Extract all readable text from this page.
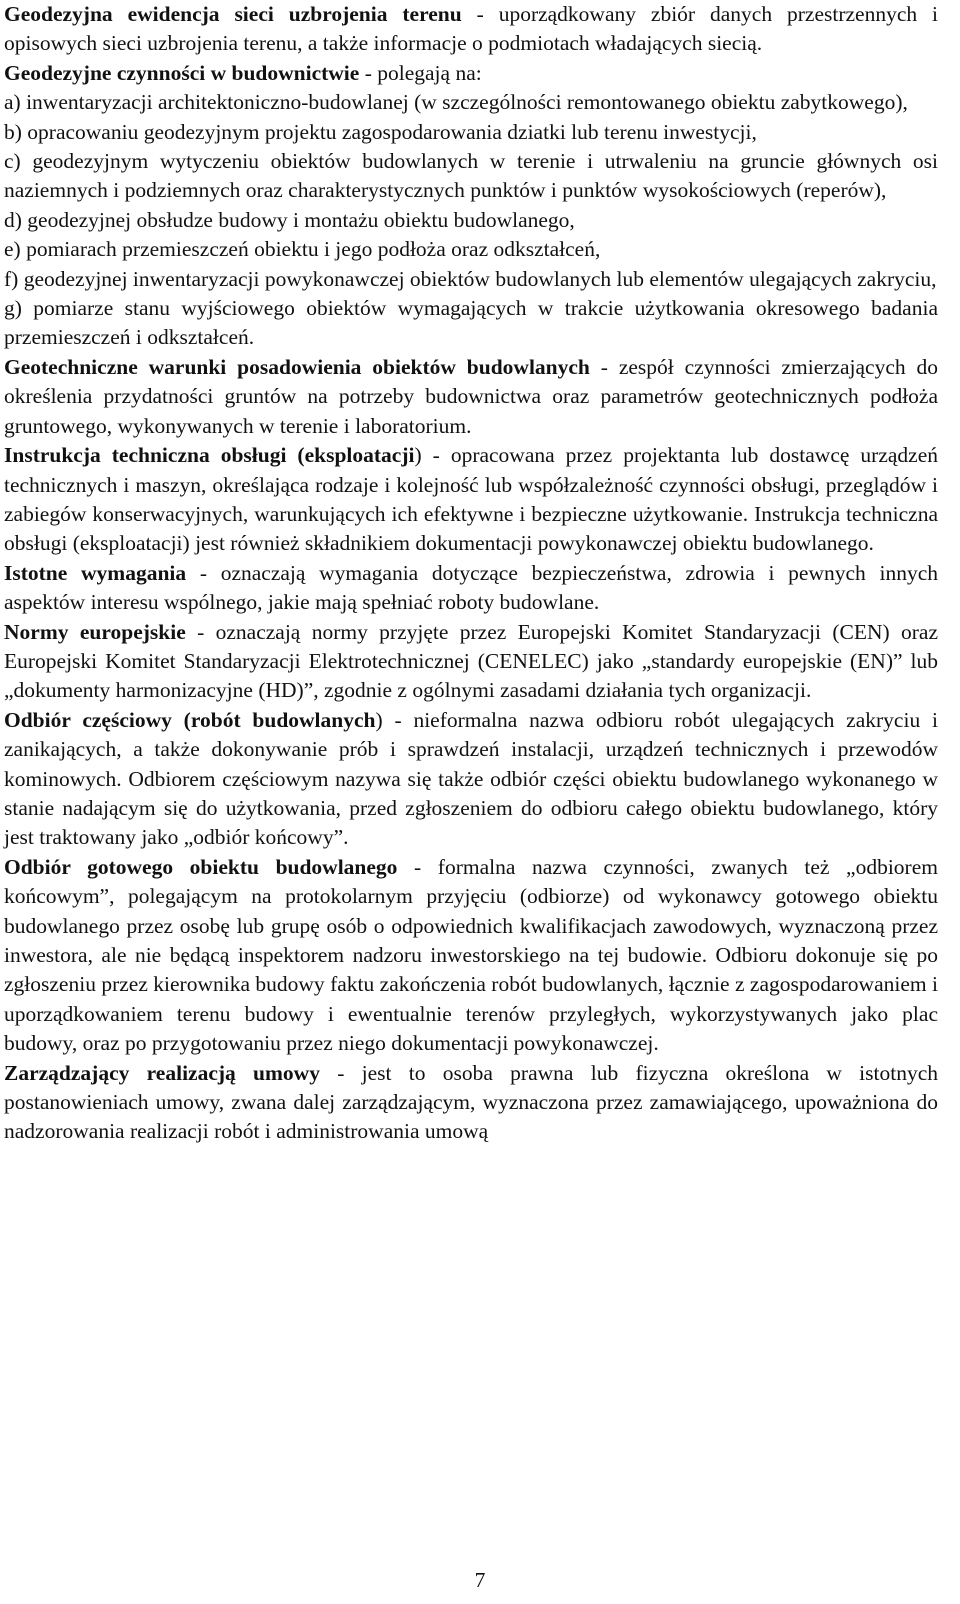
Geodezyjna ewidencja sieci uzbrojenia terenu - uporządkowany zbiór danych przestrzennych i opisowych sieci uzbrojenia terenu, a także informacje o podmiotach władających siecią.

Geodezyjne czynności w budownictwie - polegają na:

a) inwentaryzacji architektoniczno-budowlanej (w szczególności remontowanego obiektu zabytkowego),

b) opracowaniu geodezyjnym projektu zagospodarowania dziatki lub terenu inwestycji,

c) geodezyjnym wytyczeniu obiektów budowlanych w terenie i utrwaleniu na gruncie głównych osi naziemnych i podziemnych oraz charakterystycznych punktów i punktów wysokościowych (reperów),

d) geodezyjnej obsłudze budowy i montażu obiektu budowlanego,

e) pomiarach przemieszczeń obiektu i jego podłoża oraz odkształceń,

f) geodezyjnej inwentaryzacji powykonawczej obiektów budowlanych lub elementów ulegających zakryciu,

g) pomiarze stanu wyjściowego obiektów wymagających w trakcie użytkowania okresowego badania przemieszczeń i odkształceń.

Geotechniczne warunki posadowienia obiektów budowlanych - zespół czynności zmierzających do określenia przydatności gruntów na potrzeby budownictwa oraz parametrów geotechnicznych podłoża gruntowego, wykonywanych w terenie i laboratorium.

Instrukcja techniczna obsługi (eksploatacji) - opracowana przez projektanta lub dostawcę urządzeń technicznych i maszyn, określająca rodzaje i kolejność lub współzależność czynności obsługi, przeglądów i zabiegów konserwacyjnych, warunkujących ich efektywne i bezpieczne użytkowanie. Instrukcja techniczna obsługi (eksploatacji) jest również składnikiem dokumentacji powykonawczej obiektu budowlanego.

Istotne wymagania - oznaczają wymagania dotyczące bezpieczeństwa, zdrowia i pewnych innych aspektów interesu wspólnego, jakie mają spełniać roboty budowlane.

Normy europejskie - oznaczają normy przyjęte przez Europejski Komitet Standaryzacji (CEN) oraz Europejski Komitet Standaryzacji Elektrotechnicznej (CENELEC) jako „standardy europejskie (EN)” lub „dokumenty harmonizacyjne (HD)”, zgodnie z ogólnymi zasadami działania tych organizacji.

Odbiór częściowy (robót budowlanych) - nieformalna nazwa odbioru robót ulegających zakryciu i zanikających, a także dokonywanie prób i sprawdzeń instalacji, urządzeń technicznych i przewodów kominowych. Odbiorem częściowym nazywa się także odbiór części obiektu budowlanego wykonanego w stanie nadającym się do użytkowania, przed zgłoszeniem do odbioru całego obiektu budowlanego, który jest traktowany jako „odbiór końcowy”.

Odbiór gotowego obiektu budowlanego - formalna nazwa czynności, zwanych też „odbiorem końcowym”, polegającym na protokolarnym przyjęciu (odbiorze) od wykonawcy gotowego obiektu budowlanego przez osobę lub grupę osób o odpowiednich kwalifikacjach zawodowych, wyznaczoną przez inwestora, ale nie będącą inspektorem nadzoru inwestorskiego na tej budowie. Odbioru dokonuje się po zgłoszeniu przez kierownika budowy faktu zakończenia robót budowlanych, łącznie z zagospodarowaniem i uporządkowaniem terenu budowy i ewentualnie terenów przyległych, wykorzystywanych jako plac budowy, oraz po przygotowaniu przez niego dokumentacji powykonawczej.

Zarządzający realizacją umowy - jest to osoba prawna lub fizyczna określona w istotnych postanowieniach umowy, zwana dalej zarządzającym, wyznaczona przez zamawiającego, upoważniona do nadzorowania realizacji robót i administrowania umową

7
